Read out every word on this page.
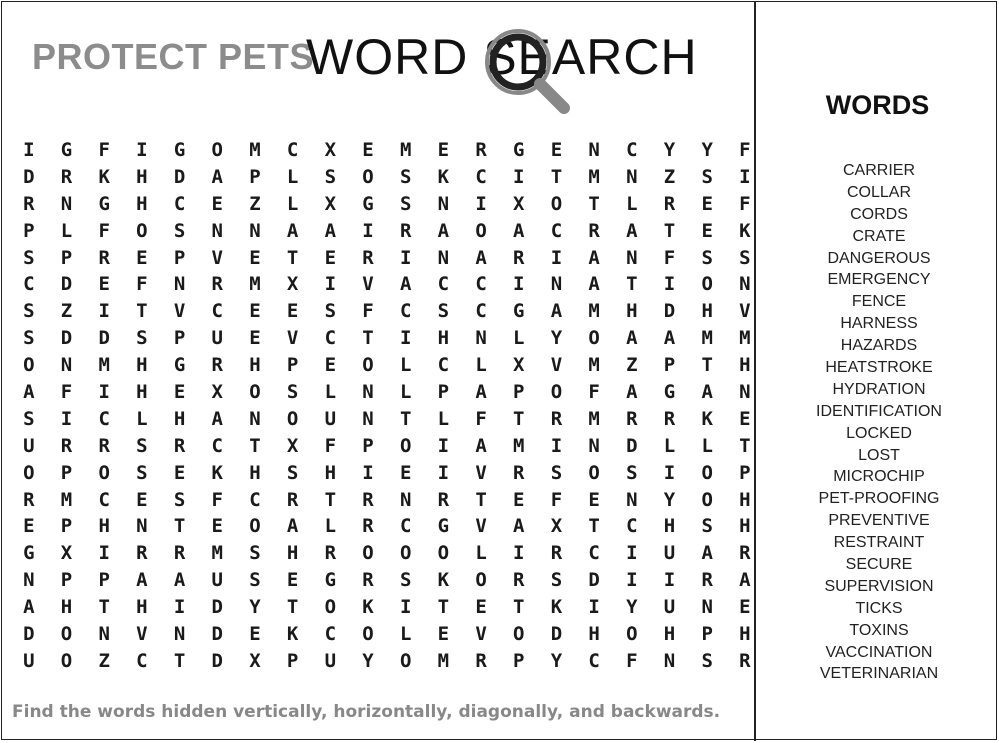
PROTECT PETS
WORD SEARCH
I	G	F	I	G	O	M	C	X	E	M	E	R	G	E	N	C	Y	Y	F
D	R	K	H	D	A	P	L	S	O	S	K	C	I	T	M	N	Z	S	I
R	N	G	H	C	E	Z	L	X	G	S	N	I	X	O	T	L	R	E	F
P	L	F	O	S	N	N	A	A	I	R	A	O	A	C	R	A	T	E	K
S	P	R	E	P	V	E	T	E	R	I	N	A	R	I	A	N	F	S	S
C	D	E	F	N	R	M	X	I	V	A	C	C	I	N	A	T	I	O	N
S	Z	I	T	V	C	E	E	S	F	C	S	C	G	A	M	H	D	H	V
S	D	D	S	P	U	E	V	C	T	I	H	N	L	Y	O	A	A	M	M
O	N	M	H	G	R	H	P	E	O	L	C	L	X	V	M	Z	P	T	H
A	F	I	H	E	X	O	S	L	N	L	P	A	P	O	F	A	G	A	N
S	I	C	L	H	A	N	O	U	N	T	L	F	T	R	M	R	R	K	E
U	R	R	S	R	C	T	X	F	P	O	I	A	M	I	N	D	L	L	T
O	P	O	S	E	K	H	S	H	I	E	I	V	R	S	O	S	I	O	P
R	M	C	E	S	F	C	R	T	R	N	R	T	E	F	E	N	Y	O	H
E	P	H	N	T	E	O	A	L	R	C	G	V	A	X	T	C	H	S	H
G	X	I	R	R	M	S	H	R	O	O	O	L	I	R	C	I	U	A	R
N	P	P	A	A	U	S	E	G	R	S	K	O	R	S	D	I	I	R	A
A	H	T	H	I	D	Y	T	O	K	I	T	E	T	K	I	Y	U	N	E
D	O	N	V	N	D	E	K	C	O	L	E	V	O	D	H	O	H	P	H
U	O	Z	C	T	D	X	P	U	Y	O	M	R	P	Y	C	F	N	S	R
Find the words hidden vertically, horizontally, diagonally, and backwards.
WORDS
CARRIER
COLLAR
CORDS
CRATE
DANGEROUS
EMERGENCY
FENCE
HARNESS
HAZARDS
HEATSTROKE
HYDRATION
IDENTIFICATION
LOCKED
LOST
MICROCHIP
PET-PROOFING
PREVENTIVE
RESTRAINT
SECURE
SUPERVISION
TICKS
TOXINS
VACCINATION
VETERINARIAN
